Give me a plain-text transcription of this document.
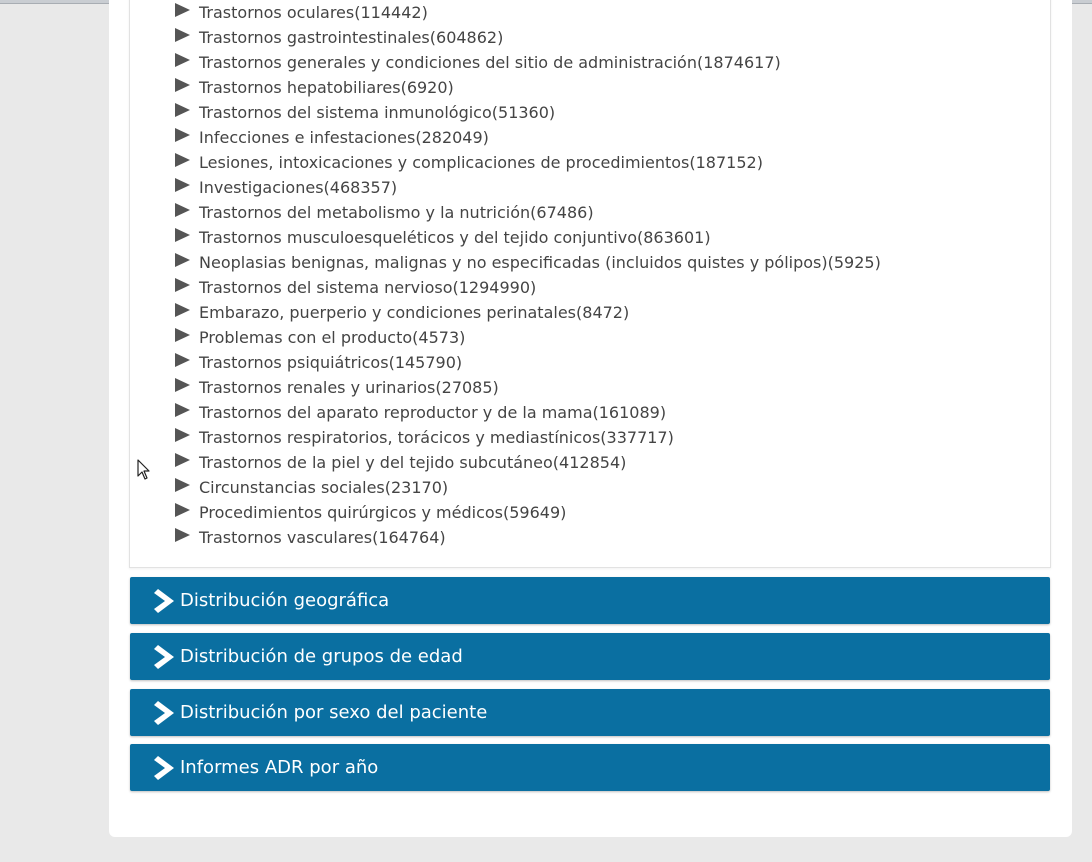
Trastornos oculares ( 114442 )
Trastornos gastrointestinales ( 604862 )
Trastornos generales y condiciones del sitio de administración ( 1874617 )
Trastornos hepatobiliares ( 6920 )
Trastornos del sistema inmunológico ( 51360 )
Infecciones e infestaciones ( 282049 )
Lesiones, intoxicaciones y complicaciones de procedimientos ( 187152 )
Investigaciones ( 468357 )
Trastornos del metabolismo y la nutrición ( 67486 )
Trastornos musculoesqueléticos y del tejido conjuntivo ( 863601 )
Neoplasias benignas, malignas y no especificadas (incluidos quistes y pólipos) ( 5925 )
Trastornos del sistema nervioso ( 1294990 )
Embarazo, puerperio y condiciones perinatales ( 8472 )
Problemas con el producto ( 4573 )
Trastornos psiquiátricos ( 145790 )
Trastornos renales y urinarios ( 27085 )
Trastornos del aparato reproductor y de la mama ( 161089 )
Trastornos respiratorios, torácicos y mediastínicos ( 337717 )
Trastornos de la piel y del tejido subcutáneo ( 412854 )
Circunstancias sociales ( 23170 )
Procedimientos quirúrgicos y médicos ( 59649 )
Trastornos vasculares ( 164764 )
Distribución geográfica
Distribución de grupos de edad
Distribución por sexo del paciente
Informes ADR por año
